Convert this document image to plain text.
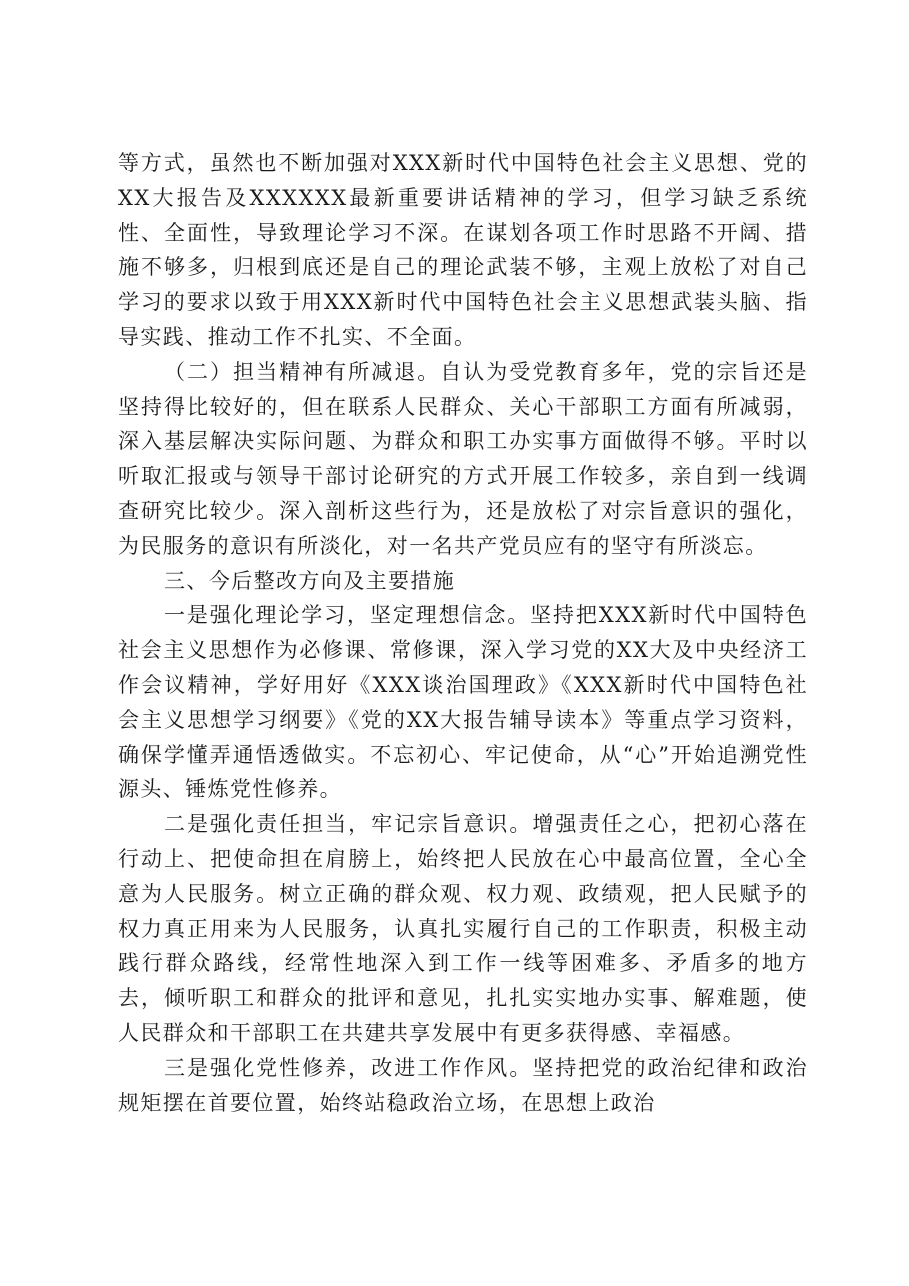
等方式，虽然也不断加强对XXX新时代中国特色社会主义思想、党的XX大报告及XXXXXX最新重要讲话精神的学习，但学习缺乏系统性、全面性，导致理论学习不深。在谋划各项工作时思路不开阔、措施不够多，归根到底还是自己的理论武装不够，主观上放松了对自己学习的要求以致于用XXX新时代中国特色社会主义思想武装头脑、指导实践、推动工作不扎实、不全面。

（二）担当精神有所减退。自认为受党教育多年，党的宗旨还是坚持得比较好的，但在联系人民群众、关心干部职工方面有所减弱，深入基层解决实际问题、为群众和职工办实事方面做得不够。平时以听取汇报或与领导干部讨论研究的方式开展工作较多，亲自到一线调查研究比较少。深入剖析这些行为，还是放松了对宗旨意识的强化，为民服务的意识有所淡化，对一名共产党员应有的坚守有所淡忘。

三、今后整改方向及主要措施

一是强化理论学习，坚定理想信念。坚持把XXX新时代中国特色社会主义思想作为必修课、常修课，深入学习党的XX大及中央经济工作会议精神，学好用好《XXX谈治国理政》《XXX新时代中国特色社会主义思想学习纲要》《党的XX大报告辅导读本》等重点学习资料，确保学懂弄通悟透做实。不忘初心、牢记使命，从“心”开始追溯党性源头、锤炼党性修养。

二是强化责任担当，牢记宗旨意识。增强责任之心，把初心落在行动上、把使命担在肩膀上，始终把人民放在心中最高位置，全心全意为人民服务。树立正确的群众观、权力观、政绩观，把人民赋予的权力真正用来为人民服务，认真扎实履行自己的工作职责，积极主动践行群众路线，经常性地深入到工作一线等困难多、矛盾多的地方去，倾听职工和群众的批评和意见，扎扎实实地办实事、解难题，使人民群众和干部职工在共建共享发展中有更多获得感、幸福感。

三是强化党性修养，改进工作作风。坚持把党的政治纪律和政治规矩摆在首要位置，始终站稳政治立场，在思想上政治
